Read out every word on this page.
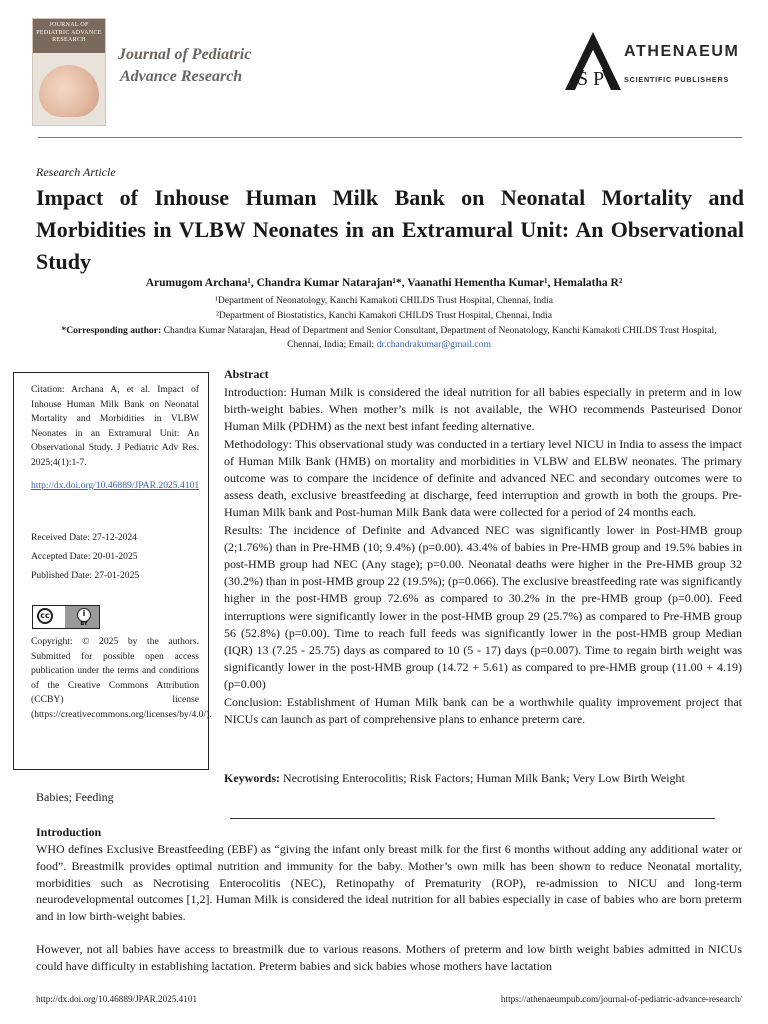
JOURNAL OF PEDIATRIC ADVANCE RESEARCH
Journal of Pediatric
Advance Research	S P
ATHENAEUM
SCIENTIFIC PUBLISHERS
Research Article
Impact of Inhouse Human Milk Bank on Neonatal Mortality and Morbidities in VLBW Neonates in an Extramural Unit: An Observational Study
Arumugom Archana¹, Chandra Kumar Natarajan¹*, Vaanathi Hementha Kumar¹, Hemalatha R²
¹Department of Neonatology, Kanchi Kamakoti CHILDS Trust Hospital, Chennai, India
²Department of Biostatistics, Kanchi Kamakoti CHILDS Trust Hospital, Chennai, India
*Corresponding author: Chandra Kumar Natarajan, Head of Department and Senior Consultant, Department of Neonatology, Kanchi Kamakoti CHILDS Trust Hospital, Chennai, India; Email: dr.chandrakumar@gmail.com
Citation: Archana A, et al. Impact of Inhouse Human Milk Bank on Neonatal Mortality and Morbidities in VLBW Neonates in an Extramural Unit: An Observational Study. J Pediatric Adv Res. 2025;4(1):1-7.
http://dx.doi.org/10.46889/JPAR.2025.4101
Received Date: 27-12-2024
Accepted Date: 20-01-2025
Published Date: 27-01-2025
cc	i
BY
Copyright: © 2025 by the authors. Submitted for possible open access publication under the terms and conditions of the Creative Commons Attribution (CCBY) license (https://creativecommons.org/licenses/by/4.0/).
Abstract

Introduction: Human Milk is considered the ideal nutrition for all babies especially in preterm and in low birth-weight babies. When mother’s milk is not available, the WHO recommends Pasteurised Donor Human Milk (PDHM) as the next best infant feeding alternative.

Methodology: This observational study was conducted in a tertiary level NICU in India to assess the impact of Human Milk Bank (HMB) on mortality and morbidities in VLBW and ELBW neonates. The primary outcome was to compare the incidence of definite and advanced NEC and secondary outcomes were to assess death, exclusive breastfeeding at discharge, feed interruption and growth in both the groups. Pre-Human Milk bank and Post-human Milk Bank data were collected for a period of 24 months each.

Results: The incidence of Definite and Advanced NEC was significantly lower in Post-HMB group (2;1.76%) than in Pre-HMB (10; 9.4%) (p=0.00). 43.4% of babies in Pre-HMB group and 19.5% babies in post-HMB group had NEC (Any stage); p=0.00. Neonatal deaths were higher in the Pre-HMB group 32 (30.2%) than in post-HMB group 22 (19.5%); (p=0.066). The exclusive breastfeeding rate was significantly higher in the post-HMB group 72.6% as compared to 30.2% in the pre-HMB group (p=0.00). Feed interruptions were significantly lower in the post-HMB group 29 (25.7%) as compared to Pre-HMB group 56 (52.8%) (p=0.00). Time to reach full feeds was significantly lower in the post-HMB group Median (IQR) 13 (7.25 - 25.75) days as compared to 10 (5 - 17) days (p=0.007). Time to regain birth weight was significantly lower in the post-HMB group (14.72 + 5.61) as compared to pre-HMB group (11.00 + 4.19) (p=0.00)

Conclusion: Establishment of Human Milk bank can be a worthwhile quality improvement project that NICUs can launch as part of comprehensive plans to enhance preterm care.

Keywords: Necrotising Enterocolitis; Risk Factors; Human Milk Bank; Very Low Birth Weight
Babies; Feeding
Introduction

WHO defines Exclusive Breastfeeding (EBF) as “giving the infant only breast milk for the first 6 months without adding any additional water or food”. Breastmilk provides optimal nutrition and immunity for the baby. Mother’s own milk has been shown to reduce Neonatal mortality, morbidities such as Necrotising Enterocolitis (NEC), Retinopathy of Prematurity (ROP), re-admission to NICU and long-term neurodevelopmental outcomes [1,2]. Human Milk is considered the ideal nutrition for all babies especially in case of babies who are born preterm and in low birth-weight babies.

However, not all babies have access to breastmilk due to various reasons. Mothers of preterm and low birth weight babies admitted in NICUs could have difficulty in establishing lactation. Preterm babies and sick babies whose mothers have lactation

http://dx.doi.org/10.46889/JPAR.2025.4101	https://athenaeumpub.com/journal-of-pediatric-advance-research/
